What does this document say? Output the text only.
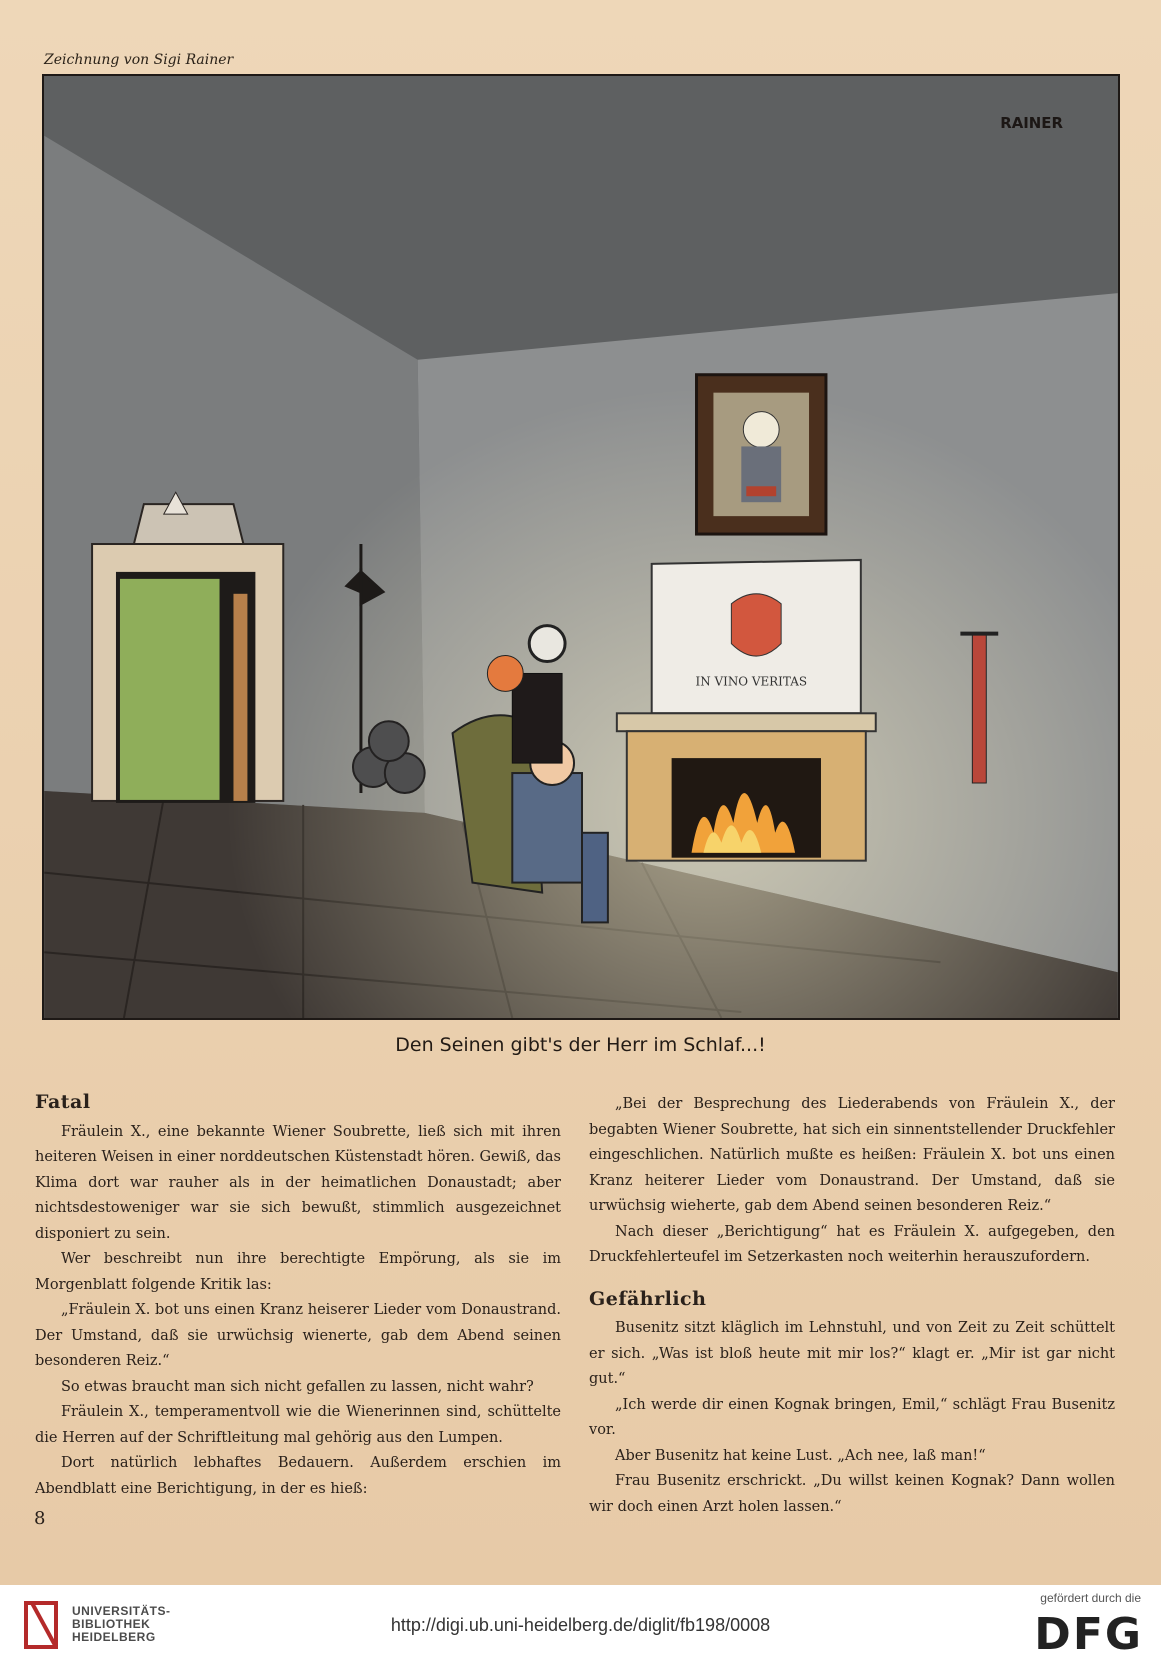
Zeichnung von Sigi Rainer
IN VINO VERITAS
RAINER
Den Seinen gibt's der Herr im Schlaf...!
Fatal

Fräulein X., eine bekannte Wiener Soubrette, ließ sich mit ihren heiteren Weisen in einer norddeutschen Küstenstadt hören. Gewiß, das Klima dort war rauher als in der heimatlichen Donaustadt; aber nichtsdestoweniger war sie sich bewußt, stimmlich ausgezeichnet disponiert zu sein.

Wer beschreibt nun ihre berechtigte Empörung, als sie im Morgenblatt folgende Kritik las:

„Fräulein X. bot uns einen Kranz heiserer Lieder vom Donaustrand. Der Umstand, daß sie urwüchsig wienerte, gab dem Abend seinen besonderen Reiz.“

So etwas braucht man sich nicht gefallen zu lassen, nicht wahr?

Fräulein X., temperamentvoll wie die Wienerinnen sind, schüttelte die Herren auf der Schriftleitung mal gehörig aus den Lumpen.

Dort natürlich lebhaftes Bedauern. Außerdem erschien im Abendblatt eine Berichtigung, in der es hieß:

„Bei der Besprechung des Liederabends von Fräulein X., der begabten Wiener Soubrette, hat sich ein sinnentstellender Druckfehler eingeschlichen. Natürlich mußte es heißen: Fräulein X. bot uns einen Kranz heiterer Lieder vom Donaustrand. Der Umstand, daß sie urwüchsig wieherte, gab dem Abend seinen besonderen Reiz.“

Nach dieser „Berichtigung“ hat es Fräulein X. aufgegeben, den Druckfehlerteufel im Setzerkasten noch weiterhin herauszufordern.

Gefährlich

Busenitz sitzt kläglich im Lehnstuhl, und von Zeit zu Zeit schüttelt er sich. „Was ist bloß heute mit mir los?“ klagt er. „Mir ist gar nicht gut.“

„Ich werde dir einen Kognak bringen, Emil,“ schlägt Frau Busenitz vor.

Aber Busenitz hat keine Lust. „Ach nee, laß man!“

Frau Busenitz erschrickt. „Du willst keinen Kognak? Dann wollen wir doch einen Arzt holen lassen.“

8
UNIVERSITÄTS-
BIBLIOTHEK
HEIDELBERG
http://digi.ub.uni-heidelberg.de/diglit/fb198/0008
gefördert durch die
DFG
